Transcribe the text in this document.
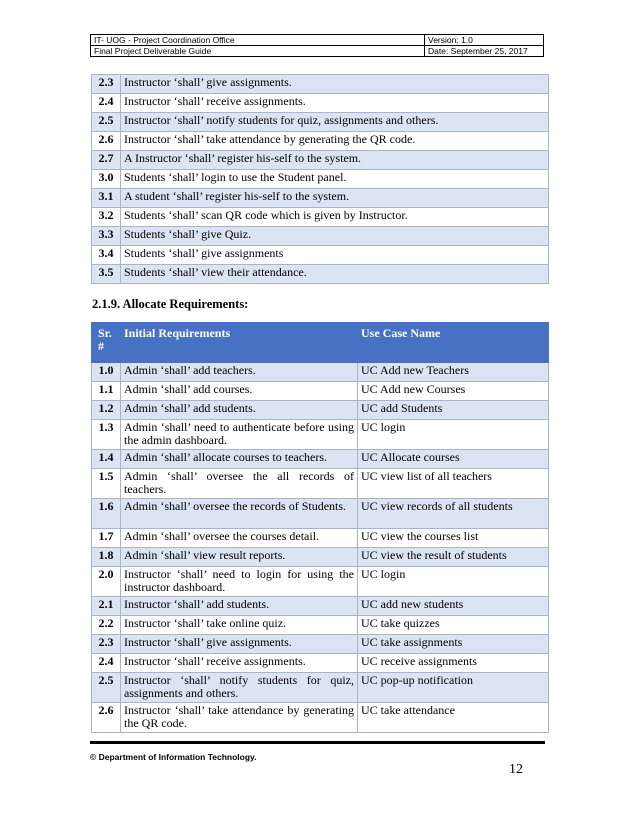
IT- UOG - Project Coordination Office	Version: 1.0
Final Project Deliverable Guide	Date: September 25, 2017
2.3	Instructor ‘shall’ give assignments.
2.4	Instructor ‘shall’ receive assignments.
2.5	Instructor ‘shall’ notify students for quiz, assignments and others.
2.6	Instructor ‘shall’ take attendance by generating the QR code.
2.7	A Instructor ‘shall’ register his-self to the system.
3.0	Students ‘shall’ login to use the Student panel.
3.1	A student ‘shall’ register his-self to the system.
3.2	Students ‘shall’ scan QR code which is given by Instructor.
3.3	Students ‘shall’ give Quiz.
3.4	Students ‘shall’ give assignments
3.5	Students ‘shall’ view their attendance.
2.1.9. Allocate Requirements:
Sr. #	Initial Requirements	Use Case Name
1.0	Admin ‘shall’ add teachers.	UC Add new Teachers
1.1	Admin ‘shall’ add courses.	UC Add new Courses
1.2	Admin ‘shall’ add students.	UC add Students
1.3	Admin ‘shall’ need to authenticate before using the admin dashboard.	UC login
1.4	Admin ‘shall’ allocate courses to teachers.	UC Allocate courses
1.5	Admin ‘shall’ oversee the all records of teachers.	UC view list of all teachers
1.6	Admin ‘shall’ oversee the records of Students.	UC view records of all students
1.7	Admin ‘shall’ oversee the courses detail.	UC view the courses list
1.8	Admin ‘shall’ view result reports.	UC view the result of students
2.0	Instructor ‘shall’ need to login for using the instructor dashboard.	UC login
2.1	Instructor ‘shall’ add students.	UC add new students
2.2	Instructor ‘shall’ take online quiz.	UC take quizzes
2.3	Instructor ‘shall’ give assignments.	UC take assignments
2.4	Instructor ‘shall’ receive assignments.	UC receive assignments
2.5	Instructor ‘shall’ notify students for quiz, assignments and others.	UC pop-up notification
2.6	Instructor ‘shall’ take attendance by generating the QR code.	UC take attendance
© Department of Information Technology.
12
